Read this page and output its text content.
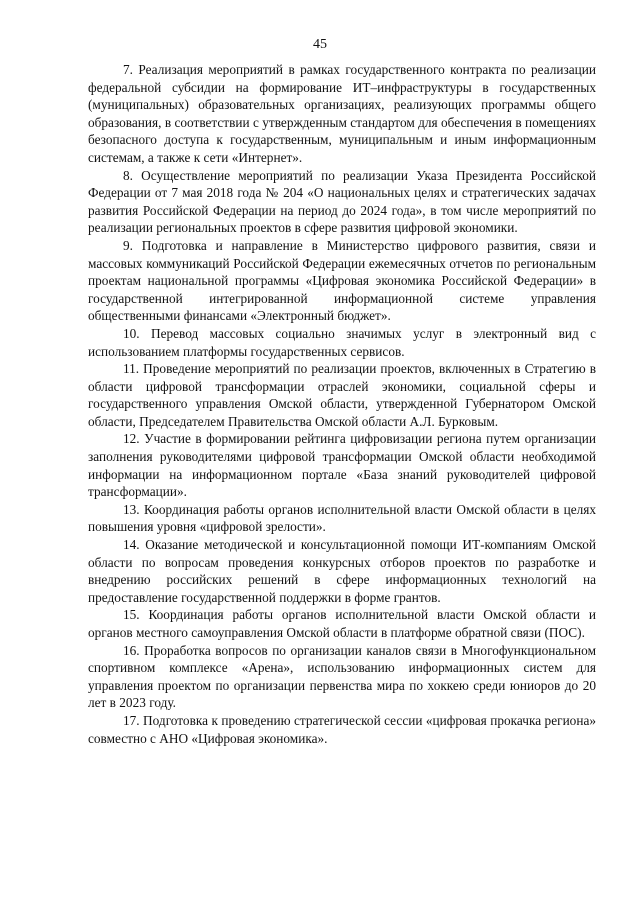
45

7. Реализация мероприятий в рамках государственного контракта по реализации федеральной субсидии на формирование ИТ–инфраструктуры в государственных (муниципальных) образовательных организациях, реализующих программы общего образования, в соответствии с утвержденным стандартом для обеспечения в помещениях безопасного доступа к государственным, муниципальным и иным информационным системам, а также к сети «Интернет».

8. Осуществление мероприятий по реализации Указа Президента Российской Федерации от 7 мая 2018 года № 204 «О национальных целях и стратегических задачах развития Российской Федерации на период до 2024 года», в том числе мероприятий по реализации региональных проектов в сфере развития цифровой экономики.

9. Подготовка и направление в Министерство цифрового развития, связи и массовых коммуникаций Российской Федерации ежемесячных отчетов по региональным проектам национальной программы «Цифровая экономика Российской Федерации» в государственной интегрированной информационной системе управления общественными финансами «Электронный бюджет».

10. Перевод массовых социально значимых услуг в электронный вид с использованием платформы государственных сервисов.

11. Проведение мероприятий по реализации проектов, включенных в Стратегию в области цифровой трансформации отраслей экономики, социальной сферы и государственного управления Омской области, утвержденной Губернатором Омской области, Председателем Правительства Омской области А.Л. Бурковым.

12. Участие в формировании рейтинга цифровизации региона путем организации заполнения руководителями цифровой трансформации Омской области необходимой информации на информационном портале «База знаний руководителей цифровой трансформации».

13. Координация работы органов исполнительной власти Омской области в целях повышения уровня «цифровой зрелости».

14. Оказание методической и консультационной помощи ИТ-компаниям Омской области по вопросам проведения конкурсных отборов проектов по разработке и внедрению российских решений в сфере информационных технологий на предоставление государственной поддержки в форме грантов.

15. Координация работы органов исполнительной власти Омской области и органов местного самоуправления Омской области в платформе обратной связи (ПОС).

16. Проработка вопросов по организации каналов связи в Многофункциональном спортивном комплексе «Арена», использованию информационных систем для управления проектом по организации первенства мира по хоккею среди юниоров до 20 лет в 2023 году.

17. Подготовка к проведению стратегической сессии «цифровая прокачка региона» совместно с АНО «Цифровая экономика».
